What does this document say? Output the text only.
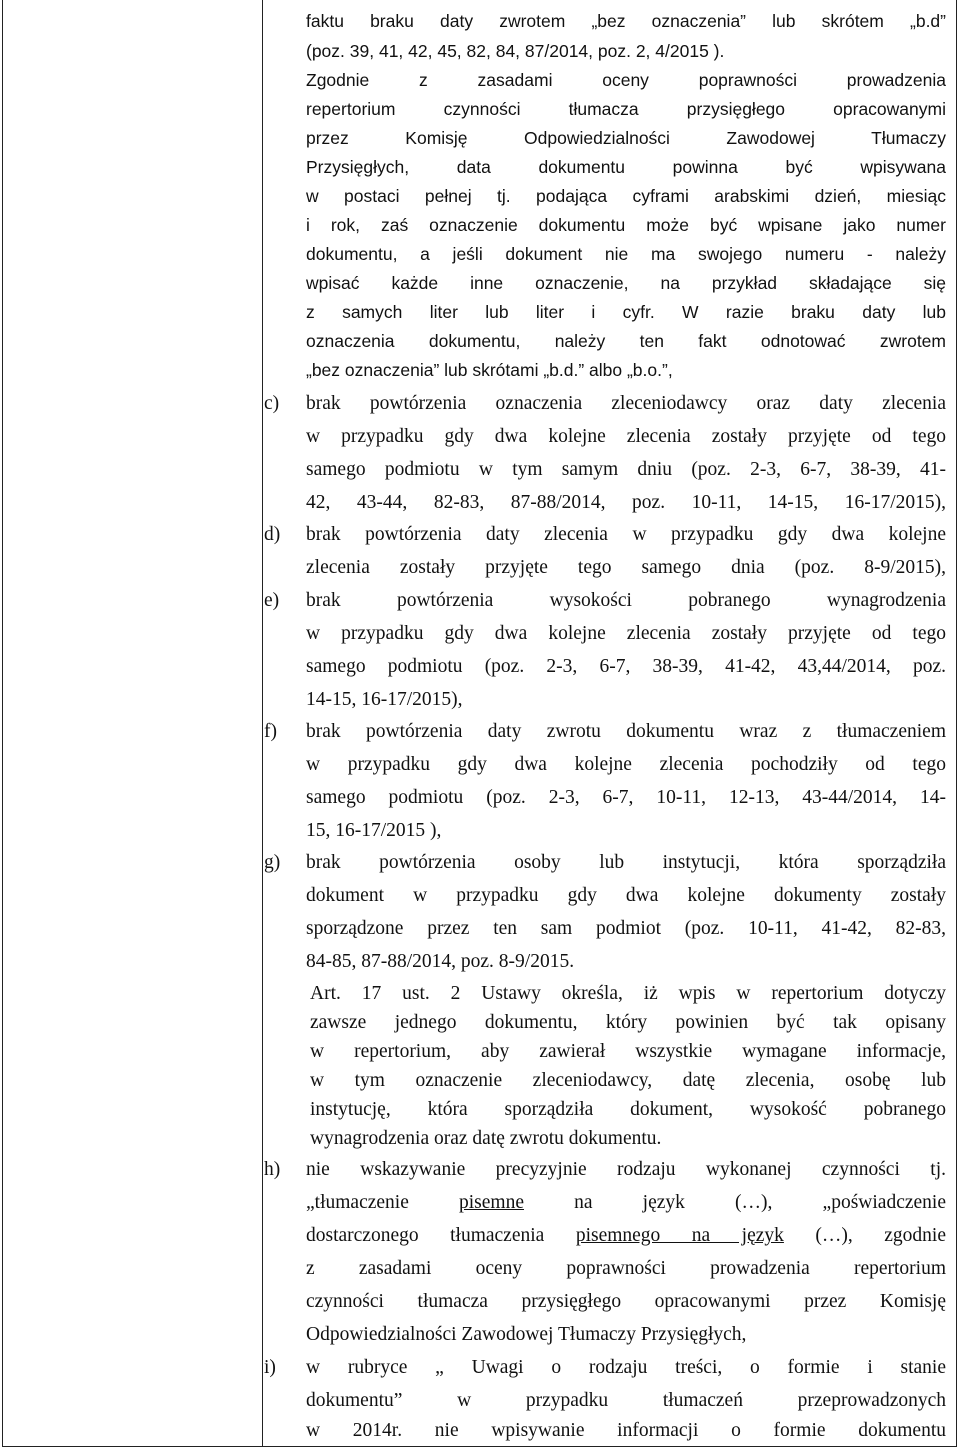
faktu braku daty zwrotem „bez oznaczenia” lub skrótem „b.d”
(poz. 39, 41, 42, 45, 82, 84, 87/2014, poz. 2, 4/2015 ).
Zgodnie z zasadami oceny poprawności prowadzenia
repertorium czynności tłumacza przysięgłego opracowanymi
przez Komisję Odpowiedzialności Zawodowej Tłumaczy
Przysięgłych, data dokumentu powinna być wpisywana
w postaci pełnej tj. podająca cyframi arabskimi dzień, miesiąc
i rok, zaś oznaczenie dokumentu może być wpisane jako numer
dokumentu, a jeśli dokument nie ma swojego numeru - należy
wpisać każde inne oznaczenie, na przykład składające się
z samych liter lub liter i cyfr. W razie braku daty lub
oznaczenia dokumentu, należy ten fakt odnotować zwrotem
„bez oznaczenia” lub skrótami „b.d.” albo „b.o.”,
c)	brak powtórzenia oznaczenia zleceniodawcy oraz daty zlecenia
w przypadku gdy dwa kolejne zlecenia zostały przyjęte od tego
samego podmiotu w tym samym dniu (poz. 2-3, 6-7, 38-39, 41-
42, 43-44, 82-83, 87-88/2014, poz. 10-11, 14-15, 16-17/2015),
d)	brak powtórzenia daty zlecenia w przypadku gdy dwa kolejne
zlecenia zostały przyjęte tego samego dnia (poz. 8-9/2015),
e)	brak powtórzenia wysokości pobranego wynagrodzenia
w przypadku gdy dwa kolejne zlecenia zostały przyjęte od tego
samego podmiotu (poz. 2-3, 6-7, 38-39, 41-42, 43,44/2014, poz.
14-15, 16-17/2015),
f)	brak powtórzenia daty zwrotu dokumentu wraz z tłumaczeniem
w przypadku gdy dwa kolejne zlecenia pochodziły od tego
samego podmiotu (poz. 2-3, 6-7, 10-11, 12-13, 43-44/2014, 14-
15, 16-17/2015 ),
g)	brak powtórzenia osoby lub instytucji, która sporządziła
dokument w przypadku gdy dwa kolejne dokumenty zostały
sporządzone przez ten sam podmiot (poz. 10-11, 41-42, 82-83,
84-85, 87-88/2014, poz. 8-9/2015.
Art. 17 ust. 2 Ustawy określa, iż wpis w repertorium dotyczy
zawsze jednego dokumentu, który powinien być tak opisany
w repertorium, aby zawierał wszystkie wymagane informacje,
w tym oznaczenie zleceniodawcy, datę zlecenia, osobę lub
instytucję, która sporządziła dokument, wysokość pobranego
wynagrodzenia oraz datę zwrotu dokumentu.
h)	nie wskazywanie precyzyjnie rodzaju wykonanej czynności tj.
„tłumaczenie pisemne na język (…), „poświadczenie
dostarczonego tłumaczenia pisemnego na język (…), zgodnie
z zasadami oceny poprawności prowadzenia repertorium
czynności tłumacza przysięgłego opracowanymi przez Komisję
Odpowiedzialności Zawodowej Tłumaczy Przysięgłych,
i)	w rubryce „ Uwagi o rodzaju treści, o formie i stanie
dokumentu” w przypadku tłumaczeń przeprowadzonych
w 2014r. nie wpisywanie informacji o formie dokumentu
